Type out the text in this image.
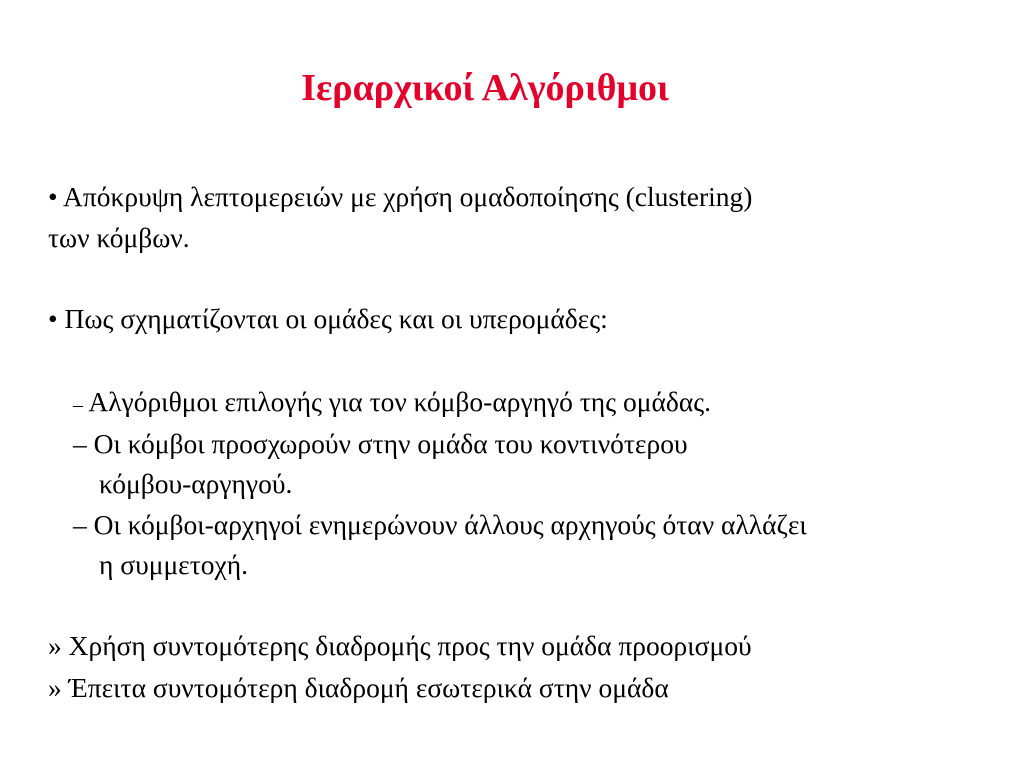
Ιεραρχικοί Αλγόριθμοι
• Απόκρυψη λεπτομερειών με χρήση ομαδοποίησης (clustering)
των κόμβων.
• Πως σχηματίζονται οι ομάδες και οι υπερομάδες:
– Αλγόριθμοι επιλογής για τον κόμβο-αργηγό της ομάδας.
– Οι κόμβοι προσχωρούν στην ομάδα του κοντινότερου
κόμβου-αργηγού.
– Οι κόμβοι-αρχηγοί ενημερώνουν άλλους αρχηγούς όταν αλλάζει
η συμμετοχή.
» Χρήση συντομότερης διαδρομής προς την ομάδα προορισμού
» Έπειτα συντομότερη διαδρομή εσωτερικά στην ομάδα
